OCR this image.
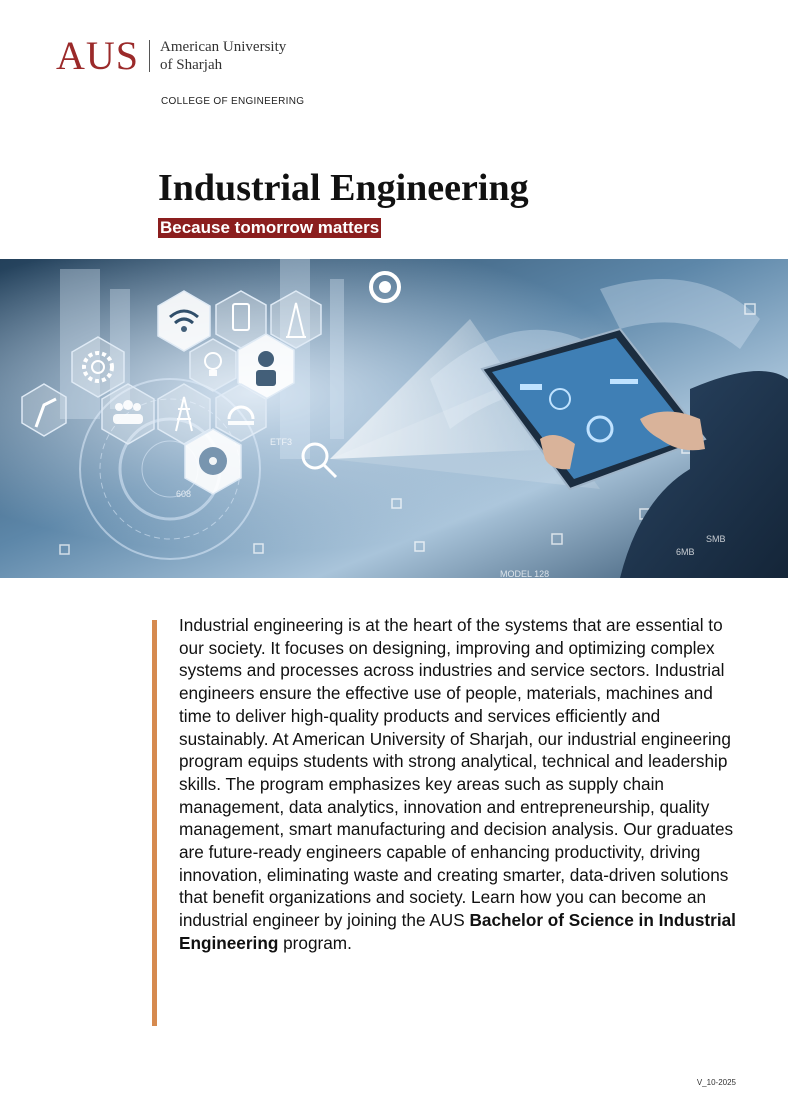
AUS American University
of Sharjah
COLLEGE OF ENGINEERING
Industrial Engineering
Because tomorrow matters
SMB
608
6MB
MODEL 128
ETF3

Industrial engineering is at the heart of the systems that are essential to our society. It focuses on designing, improving and optimizing complex systems and processes across industries and service sectors. Industrial engineers ensure the effective use of people, materials, machines and time to deliver high-quality products and services efficiently and sustainably. At American University of Sharjah, our industrial engineering program equips students with strong analytical, technical and leadership skills. The program emphasizes key areas such as supply chain management, data analytics, innovation and entrepreneurship, quality management, smart manufacturing and decision analysis. Our graduates are future-ready engineers capable of enhancing productivity, driving innovation, eliminating waste and creating smarter, data-driven solutions that benefit organizations and society. Learn how you can become an industrial engineer by joining the AUS Bachelor of Science in Industrial Engineering program.

V_10-2025
